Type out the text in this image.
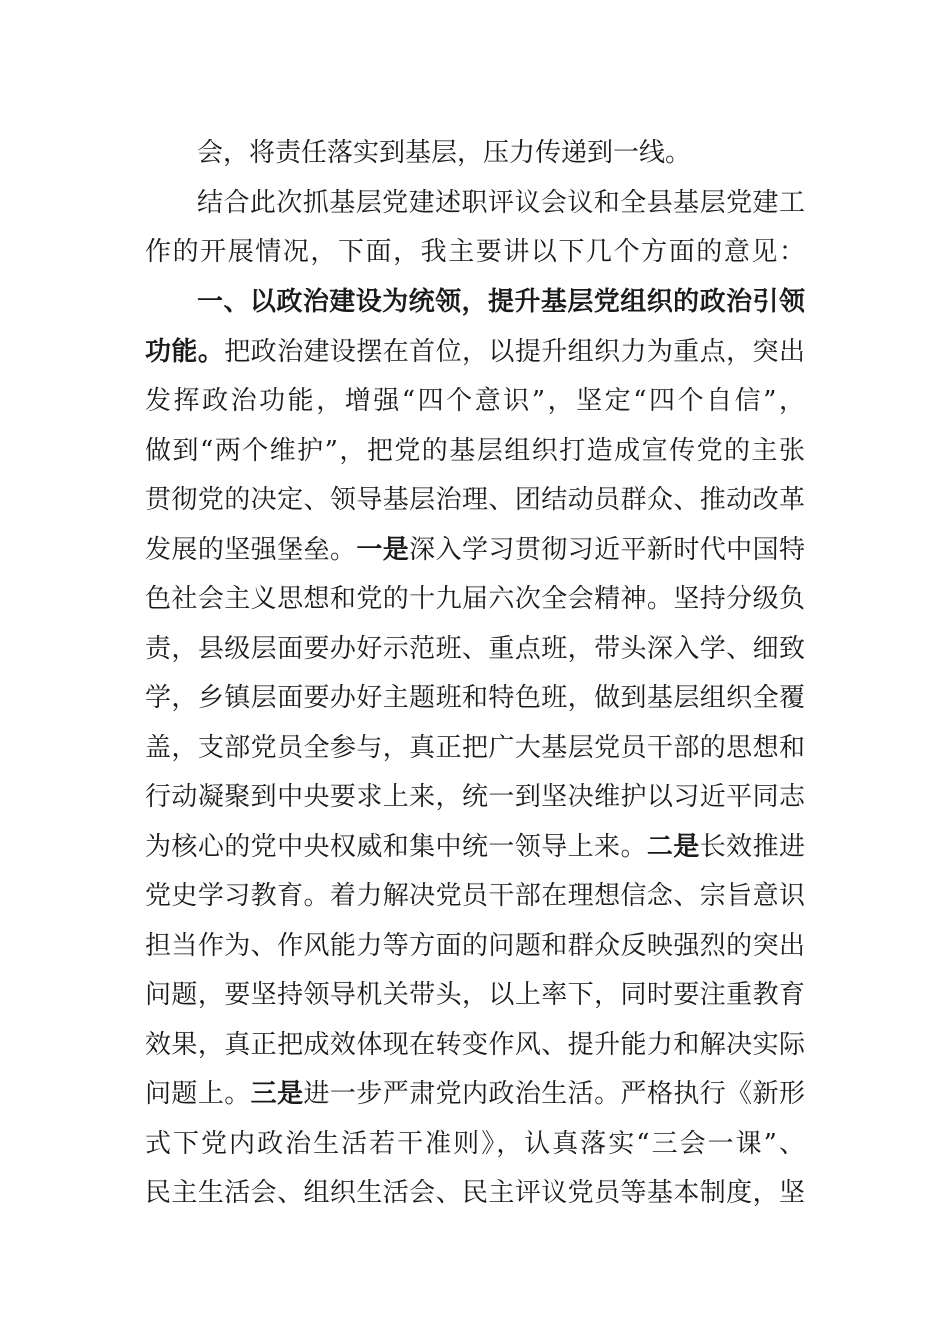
会，将责任落实到基层，压力传递到一线。
结合此次抓基层党建述职评议会议和全县基层党建工
作的开展情况，下面，我主要讲以下几个方面的意见：
一、以政治建设为统领，提升基层党组织的政治引领
功能。把政治建设摆在首位，以提升组织力为重点，突出
发挥政治功能，增强“四个意识”，坚定“四个自信”，
做到“两个维护”，把党的基层组织打造成宣传党的主张
贯彻党的决定、领导基层治理、团结动员群众、推动改革
发展的坚强堡垒。一是深入学习贯彻习近平新时代中国特
色社会主义思想和党的十九届六次全会精神。坚持分级负
责，县级层面要办好示范班、重点班，带头深入学、细致
学，乡镇层面要办好主题班和特色班，做到基层组织全覆
盖，支部党员全参与，真正把广大基层党员干部的思想和
行动凝聚到中央要求上来，统一到坚决维护以习近平同志
为核心的党中央权威和集中统一领导上来。二是长效推进
党史学习教育。着力解决党员干部在理想信念、宗旨意识
担当作为、作风能力等方面的问题和群众反映强烈的突出
问题，要坚持领导机关带头，以上率下，同时要注重教育
效果，真正把成效体现在转变作风、提升能力和解决实际
问题上。三是进一步严肃党内政治生活。严格执行《新形
式下党内政治生活若干准则》，认真落实“三会一课”、
民主生活会、组织生活会、民主评议党员等基本制度，坚
